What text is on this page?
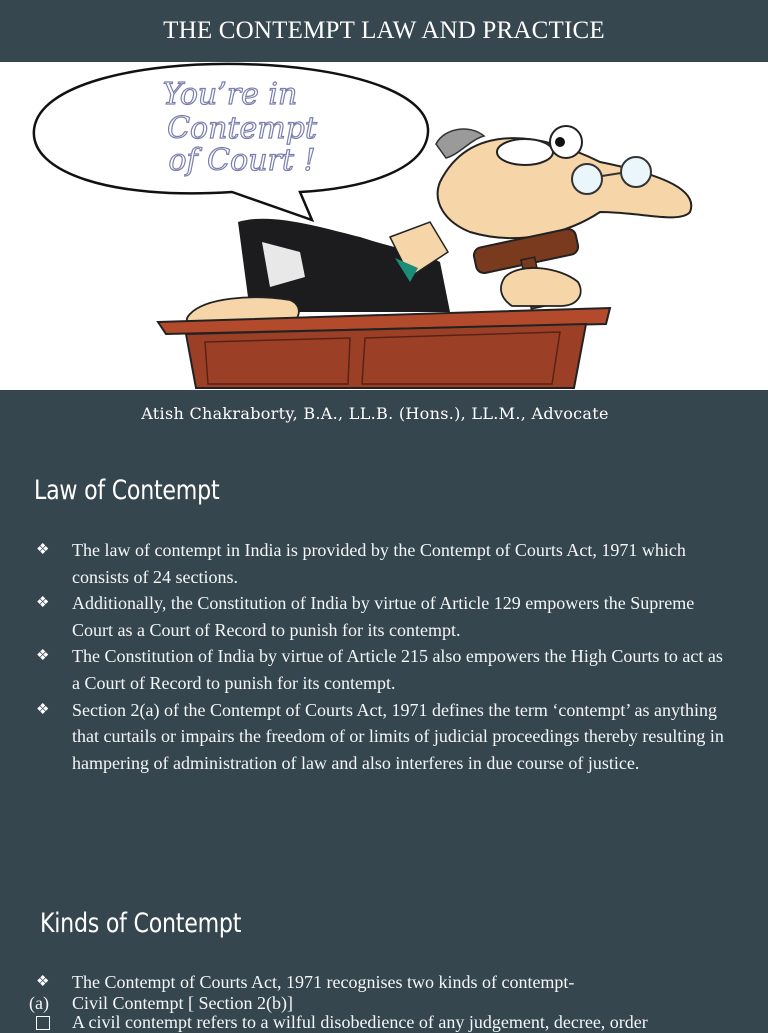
THE CONTEMPT LAW AND PRACTICE
You’re in
Contempt
of Court !
Atish Chakraborty, B.A., LL.B. (Hons.), LL.M., Advocate
Law of Contempt
❖ The law of contempt in India is provided by the Contempt of Courts Act, 1971 which consists of 24 sections.
❖ Additionally, the Constitution of India by virtue of Article 129 empowers the Supreme Court as a Court of Record to punish for its contempt.
❖ The Constitution of India by virtue of Article 215 also empowers the High Courts to act as a Court of Record to punish for its contempt.
❖ Section 2(a) of the Contempt of Courts Act, 1971 defines the term ‘contempt’ as anything that curtails or impairs the freedom of or limits of judicial proceedings thereby resulting in hampering of administration of law and also interferes in due course of justice.
Kinds of Contempt
❖ The Contempt of Courts Act, 1971 recognises two kinds of contempt-
(a) Civil Contempt [ Section 2(b)]
A civil contempt refers to a wilful disobedience of any judgement, decree, order
